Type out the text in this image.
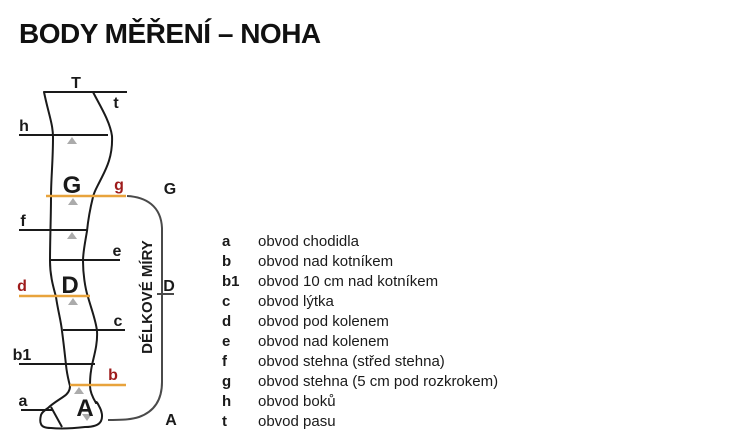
BODY MĚŘENÍ – NOHA
T
t
h
f
e
c
b1
a
g
d
b
G
D
A
G
D
A
DÉLKOVÉ MÍRY	a	obvod chodidla
b	obvod nad kotníkem
b1	obvod 10 cm nad kotníkem
c	obvod lýtka
d	obvod pod kolenem
e	obvod nad kolenem
f	obvod stehna (střed stehna)
g	obvod stehna (5 cm pod rozkrokem)
h	obvod boků
t	obvod pasu
